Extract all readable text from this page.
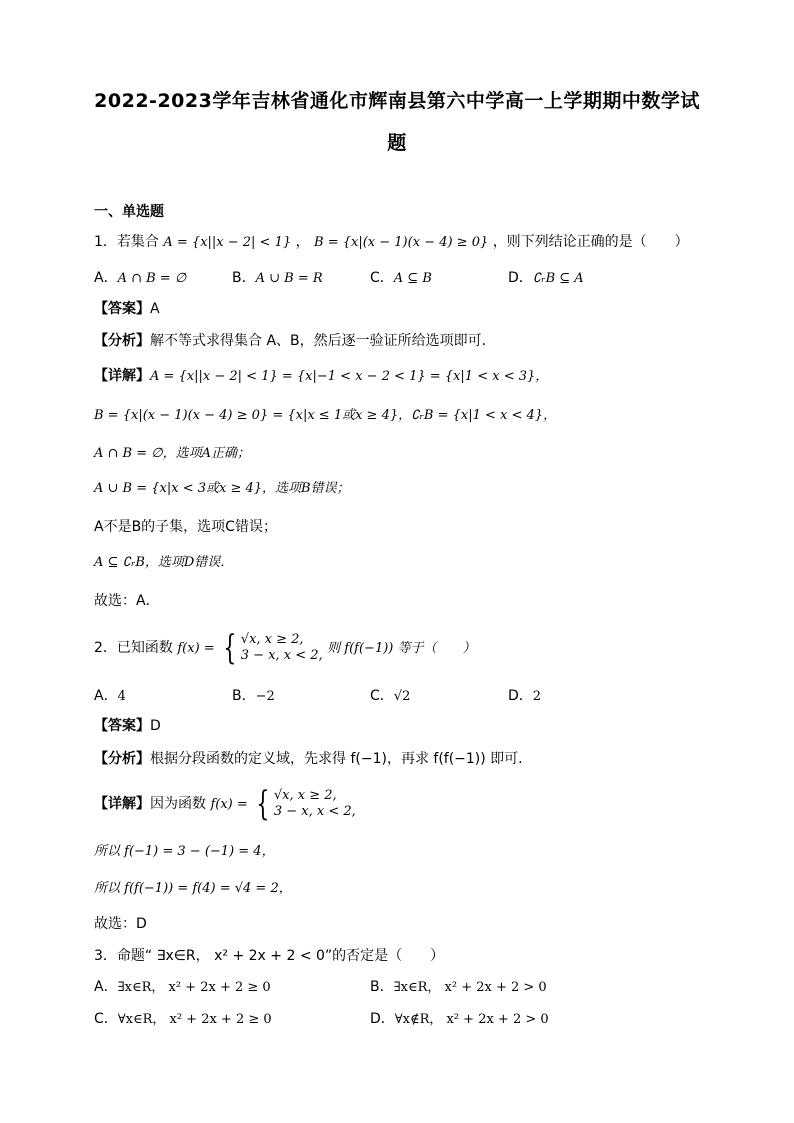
2022-2023学年吉林省通化市辉南县第六中学高一上学期期中数学试
题
一、单选题
1．若集合 A = {x||x − 2| < 1} ， B = {x|(x − 1)(x − 4) ≥ 0} ，则下列结论正确的是（　　）
A．A ∩ B = ∅	B．A ∪ B = R	C．A ⊆ B	D．∁ᵣB ⊆ A
【答案】A
【分析】解不等式求得集合 A、B，然后逐一验证所给选项即可．
【详解】A = {x||x − 2| < 1} = {x|−1 < x − 2 < 1} = {x|1 < x < 3}，
B = {x|(x − 1)(x − 4) ≥ 0} = {x|x ≤ 1或x ≥ 4}，∁ᵣB = {x|1 < x < 4}，
A ∩ B = ∅，选项A正确；
A ∪ B = {x|x < 3或x ≥ 4}，选项B错误；
A不是B的子集，选项C错误；
A ⊆ ∁ᵣB，选项D错误．
故选：A．
2．已知函数 f(x) = { √x, x ≥ 2,
3 − x, x < 2, 则 f(f(−1)) 等于（　　）
A．4	B．−2	C．√2	D．2
【答案】D
【分析】根据分段函数的定义域，先求得 f(−1)，再求 f(f(−1)) 即可.
【详解】因为函数 f(x) = { √x, x ≥ 2,
3 − x, x < 2,
所以 f(−1) = 3 − (−1) = 4，
所以 f(f(−1)) = f(4) = √4 = 2，
故选：D
3．命题“ ∃x∈R， x² + 2x + 2 < 0”的否定是（　　）
A．∃x∈R， x² + 2x + 2 ≥ 0	B．∃x∈R， x² + 2x + 2 > 0
C．∀x∈R， x² + 2x + 2 ≥ 0	D．∀x∉R， x² + 2x + 2 > 0
